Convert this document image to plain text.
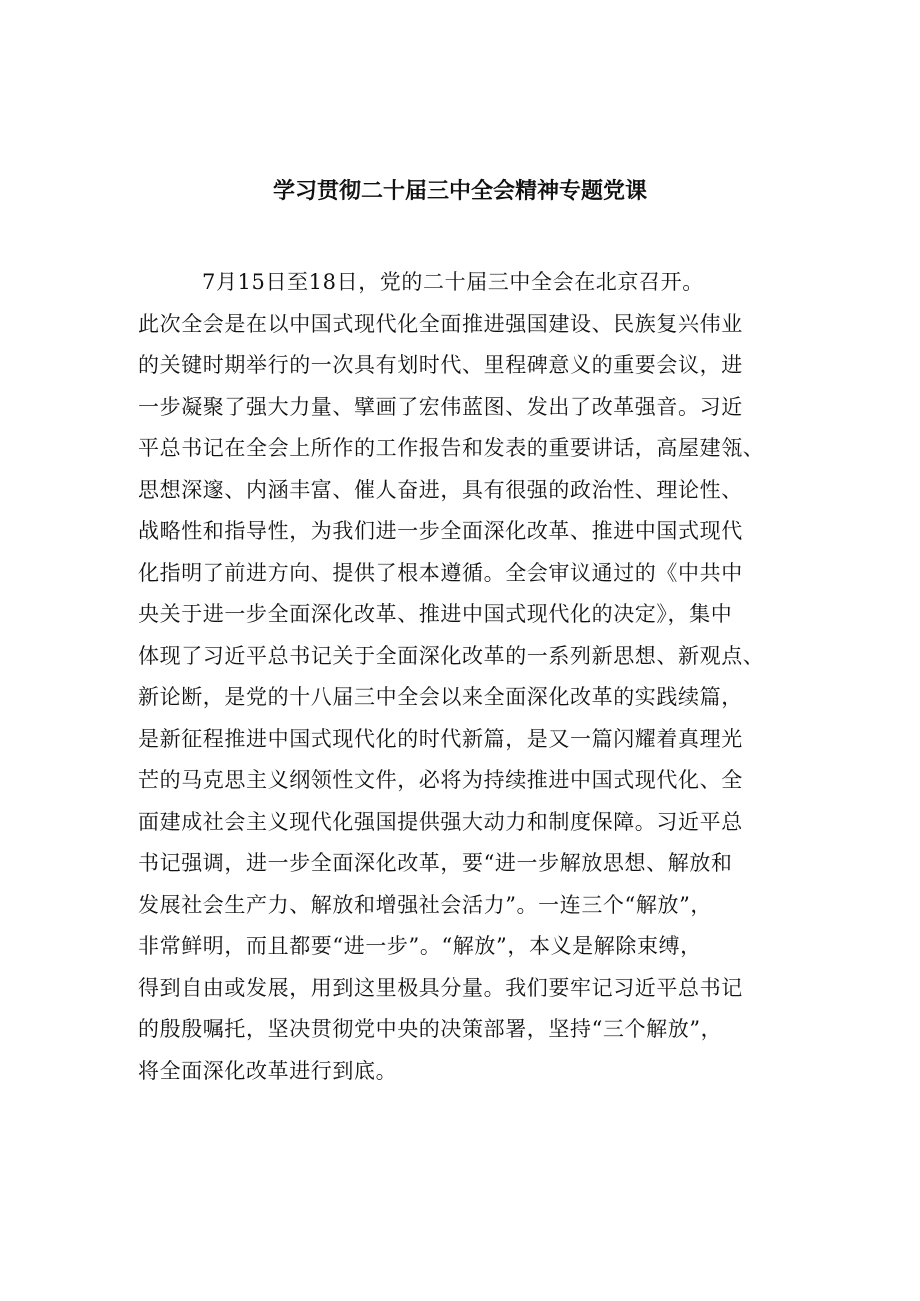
学习贯彻二十届三中全会精神专题党课
7月15日至18日，党的二十届三中全会在北京召开。
此次全会是在以中国式现代化全面推进强国建设、民族复兴伟业
的关键时期举行的一次具有划时代、里程碑意义的重要会议，进
一步凝聚了强大力量、擘画了宏伟蓝图、发出了改革强音。习近
平总书记在全会上所作的工作报告和发表的重要讲话，高屋建瓴、
思想深邃、内涵丰富、催人奋进，具有很强的政治性、理论性、
战略性和指导性，为我们进一步全面深化改革、推进中国式现代
化指明了前进方向、提供了根本遵循。全会审议通过的《中共中
央关于进一步全面深化改革、推进中国式现代化的决定》，集中
体现了习近平总书记关于全面深化改革的一系列新思想、新观点、
新论断，是党的十八届三中全会以来全面深化改革的实践续篇，
是新征程推进中国式现代化的时代新篇，是又一篇闪耀着真理光
芒的马克思主义纲领性文件，必将为持续推进中国式现代化、全
面建成社会主义现代化强国提供强大动力和制度保障。习近平总
书记强调，进一步全面深化改革，要“进一步解放思想、解放和
发展社会生产力、解放和增强社会活力”。一连三个“解放”，
非常鲜明，而且都要“进一步”。“解放”，本义是解除束缚，
得到自由或发展，用到这里极具分量。我们要牢记习近平总书记
的殷殷嘱托，坚决贯彻党中央的决策部署，坚持“三个解放”，
将全面深化改革进行到底。
